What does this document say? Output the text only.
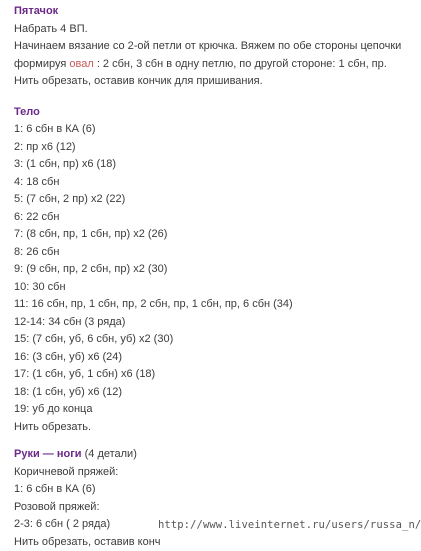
Пятачок
Набрать 4 ВП.
Начинаем вязание со 2-ой петли от крючка. Вяжем по обе стороны цепочки
формируя овал : 2 сбн, 3 сбн в одну петлю, по другой стороне: 1 сбн, пр.
Нить обрезать, оставив кончик для пришивания.
Тело
1: 6 сбн в КА (6)
2: пр х6 (12)
3: (1 сбн, пр) х6 (18)
4: 18 сбн
5: (7 сбн, 2 пр) х2 (22)
6: 22 сбн
7: (8 сбн, пр, 1 сбн, пр) х2 (26)
8: 26 сбн
9: (9 сбн, пр, 2 сбн, пр) х2 (30)
10: 30 сбн
11: 16 сбн, пр, 1 сбн, пр, 2 сбн, пр, 1 сбн, пр, 6 сбн (34)
12-14: 34 сбн (3 ряда)
15: (7 сбн, уб, 6 сбн, уб) х2 (30)
16: (3 сбн, уб) х6 (24)
17: (1 сбн, уб, 1 сбн) х6 (18)
18: (1 сбн, уб) х6 (12)
19: уб до конца
Нить обрезать.
Руки — ноги (4 детали)
Коричневой пряжей:
1: 6 сбн в КА (6)
Розовой пряжей:
2-3: 6 сбн ( 2 ряда)
Нить обрезать, оставив конч
http://www.liveinternet.ru/users/russa_n/
